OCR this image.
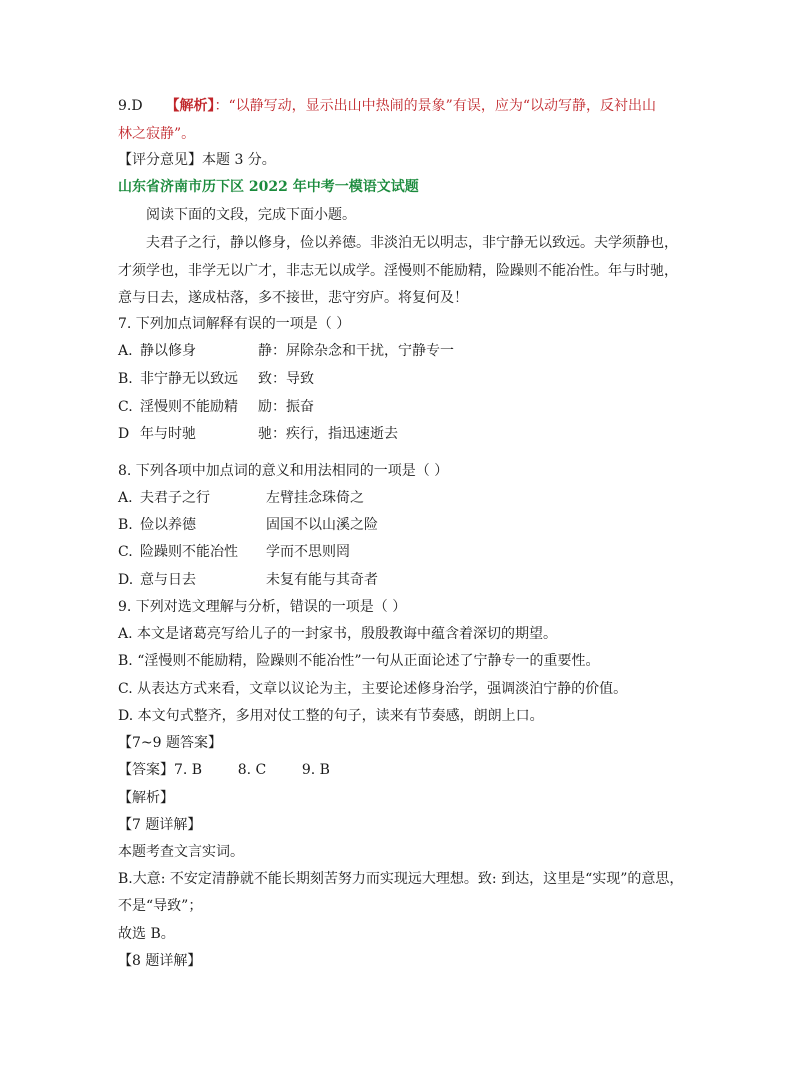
9.D 【解析】：“以静写动，显示出山中热闹的景象”有误，应为“以动写静，反衬出山
林之寂静”。
【评分意见】本题 3 分。
山东省济南市历下区 2022 年中考一模语文试题
阅读下面的文段，完成下面小题。
夫君子之行，静以修身，俭以养德。非淡泊无以明志，非宁静无以致远。夫学须静也，
才须学也，非学无以广才，非志无以成学。淫慢则不能励精，险躁则不能冶性。年与时驰，
意与日去，遂成枯落，多不接世，悲守穷庐。将复何及！
7. 下列加点词解释有误的一项是（ ）
A. 静以修身	静：屏除杂念和干扰，宁静专一
B. 非宁静无以致远 致：导致
C. 淫慢则不能励精 励：振奋
D 年与时驰	驰：疾行，指迅速逝去
8. 下列各项中加点词的意义和用法相同的一项是（ ）
A. 夫君子之行	左臂挂念珠倚之
B. 俭以养德	固国不以山溪之险
C. 险躁则不能冶性 学而不思则罔
D. 意与日去	未复有能与其奇者
9. 下列对选文理解与分析，错误的一项是（ ）
A. 本文是诸葛亮写给儿子的一封家书，殷殷教诲中蕴含着深切的期望。
B. “淫慢则不能励精，险躁则不能冶性”一句从正面论述了宁静专一的重要性。
C. 从表达方式来看，文章以议论为主，主要论述修身治学，强调淡泊宁静的价值。
D. 本文句式整齐，多用对仗工整的句子，读来有节奏感，朗朗上口。
【7~9 题答案】
【答案】7. B        8. C        9. B
【解析】
【7 题详解】
本题考查文言实词。
B.大意: 不安定清静就不能长期刻苦努力而实现远大理想。致: 到达，这里是“实现”的意思，
不是“导致”；
故选 B。
【8 题详解】
